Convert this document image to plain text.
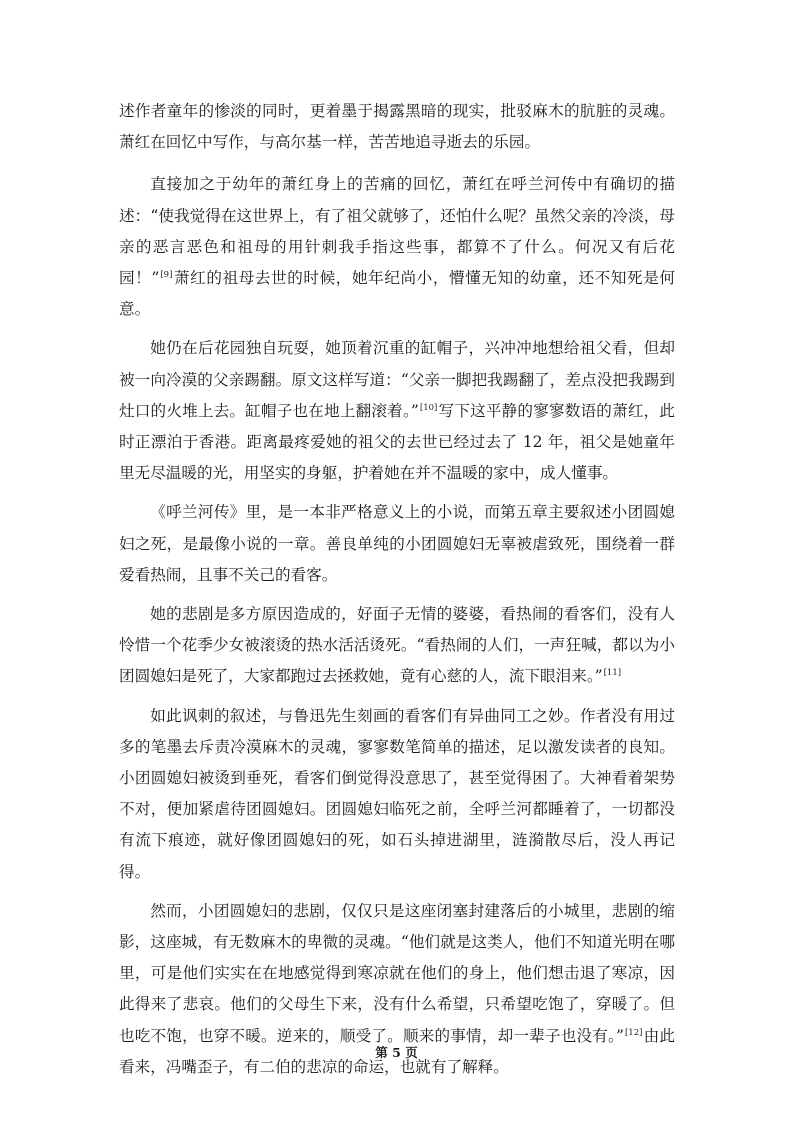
述作者童年的惨淡的同时，更着墨于揭露黑暗的现实，批驳麻木的肮脏的灵魂。萧红在回忆中写作，与高尔基一样，苦苦地追寻逝去的乐园。

直接加之于幼年的萧红身上的苦痛的回忆，萧红在呼兰河传中有确切的描述：“使我觉得在这世界上，有了祖父就够了，还怕什么呢？虽然父亲的冷淡，母亲的恶言恶色和祖母的用针刺我手指这些事，都算不了什么。何况又有后花园！”[9]萧红的祖母去世的时候，她年纪尚小，懵懂无知的幼童，还不知死是何意。

她仍在后花园独自玩耍，她顶着沉重的缸帽子，兴冲冲地想给祖父看，但却被一向冷漠的父亲踢翻。原文这样写道：“父亲一脚把我踢翻了，差点没把我踢到灶口的火堆上去。缸帽子也在地上翻滚着。”[10]写下这平静的寥寥数语的萧红，此时正漂泊于香港。距离最疼爱她的祖父的去世已经过去了 12 年，祖父是她童年里无尽温暖的光，用坚实的身躯，护着她在并不温暖的家中，成人懂事。

《呼兰河传》里，是一本非严格意义上的小说，而第五章主要叙述小团圆媳妇之死，是最像小说的一章。善良单纯的小团圆媳妇无辜被虐致死，围绕着一群爱看热闹，且事不关己的看客。

她的悲剧是多方原因造成的，好面子无情的婆婆，看热闹的看客们，没有人怜惜一个花季少女被滚烫的热水活活烫死。“看热闹的人们，一声狂喊，都以为小团圆媳妇是死了，大家都跑过去拯救她，竟有心慈的人，流下眼泪来。”[11]

如此讽刺的叙述，与鲁迅先生刻画的看客们有异曲同工之妙。作者没有用过多的笔墨去斥责冷漠麻木的灵魂，寥寥数笔简单的描述，足以激发读者的良知。小团圆媳妇被烫到垂死，看客们倒觉得没意思了，甚至觉得困了。大神看着架势不对，便加紧虐待团圆媳妇。团圆媳妇临死之前，全呼兰河都睡着了，一切都没有流下痕迹，就好像团圆媳妇的死，如石头掉进湖里，涟漪散尽后，没人再记得。

然而，小团圆媳妇的悲剧，仅仅只是这座闭塞封建落后的小城里，悲剧的缩影，这座城，有无数麻木的卑微的灵魂。“他们就是这类人，他们不知道光明在哪里，可是他们实实在在地感觉得到寒凉就在他们的身上，他们想击退了寒凉，因此得来了悲哀。他们的父母生下来，没有什么希望，只希望吃饱了，穿暖了。但也吃不饱，也穿不暖。逆来的，顺受了。顺来的事情，却一辈子也没有。”[12]由此看来，冯嘴歪子，有二伯的悲凉的命运，也就有了解释。

第 5 页
